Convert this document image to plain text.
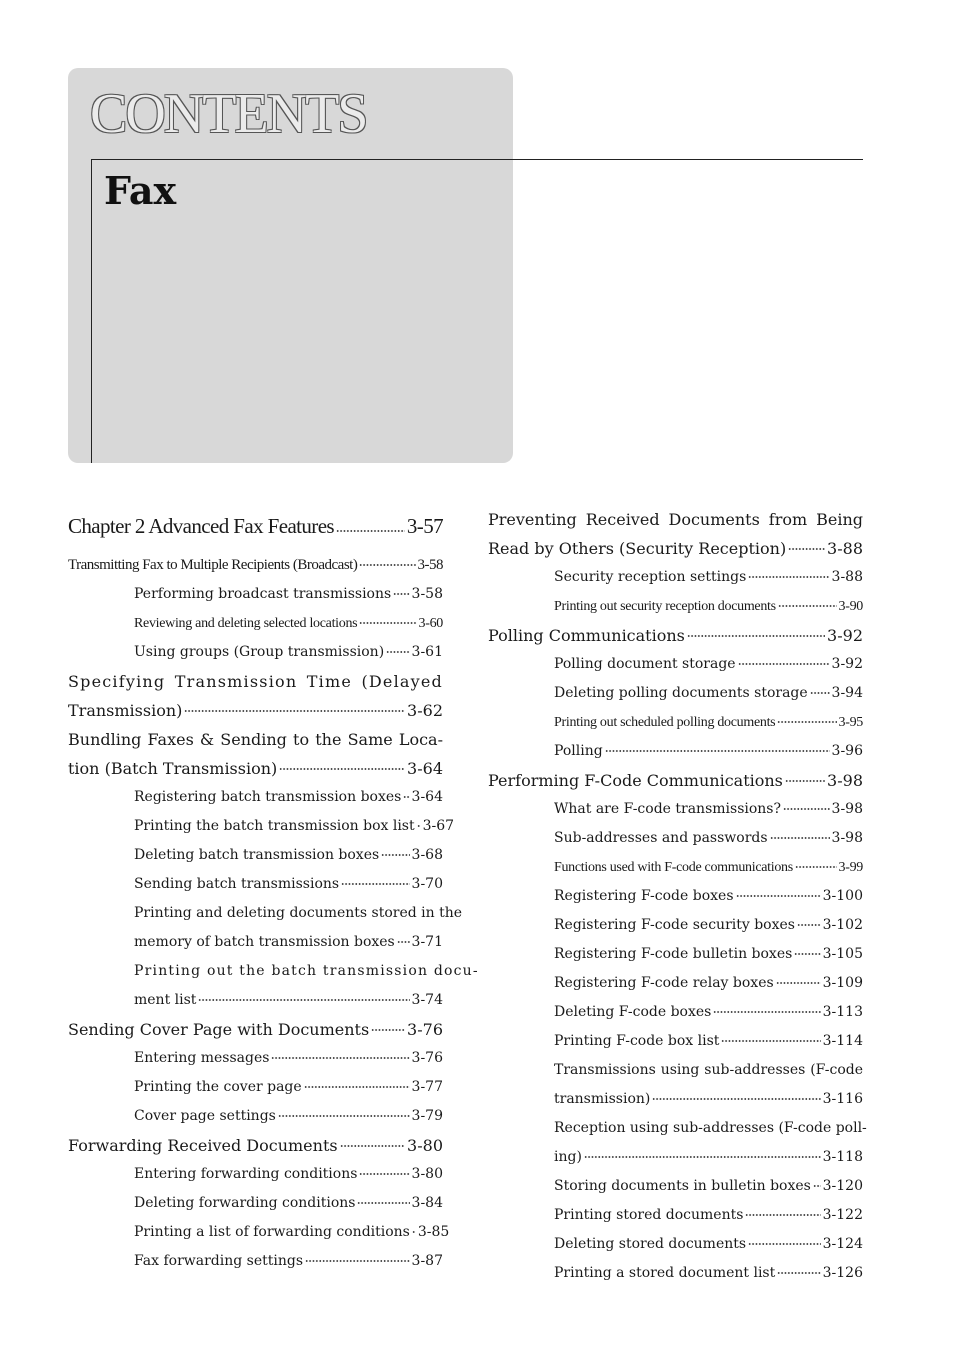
CONTENTS
Fax
Chapter 2 Advanced Fax Features	3-57
Transmitting Fax to Multiple Recipients (Broadcast)	3-58
Performing broadcast transmissions 3-58
Reviewing and deleting selected locations	3-60
Using groups (Group transmission) 3-61
Specifying Transmission Time (Delayed
Transmission)	3-62
Bundling Faxes & Sending to the Same Loca-
tion (Batch Transmission)	3-64
Registering batch transmission boxes 3-64
Printing the batch transmission box list 3-67
Deleting batch transmission boxes 3-68
Sending batch transmissions	3-70
Printing and deleting documents stored in the
memory of batch transmission boxes 3-71
Printing out the batch transmission docu-
ment list	3-74
Sending Cover Page with Documents 3-76
Entering messages	3-76
Printing the cover page	3-77
Cover page settings	3-79
Forwarding Received Documents	3-80
Entering forwarding conditions	3-80
Deleting forwarding conditions	3-84
Printing a list of forwarding conditions 3-85
Fax forwarding settings	3-87
Preventing Received Documents from Being
Read by Others (Security Reception)	3-88
Security reception settings	3-88
Printing out security reception documents	3-90
Polling Communications	3-92
Polling document storage	3-92
Deleting polling documents storage 3-94
Printing out scheduled polling documents	3-95
Polling	3-96
Performing F-Code Communications	3-98
What are F-code transmissions?	3-98
Sub-addresses and passwords	3-98
Functions used with F-code communications	3-99
Registering F-code boxes	3-100
Registering F-code security boxes 3-102
Registering F-code bulletin boxes 3-105
Registering F-code relay boxes	3-109
Deleting F-code boxes	3-113
Printing F-code box list	3-114
Transmissions using sub-addresses (F-code
transmission)	3-116
Reception using sub-addresses (F-code poll-
ing)	3-118
Storing documents in bulletin boxes 3-120
Printing stored documents	3-122
Deleting stored documents	3-124
Printing a stored document list	3-126
